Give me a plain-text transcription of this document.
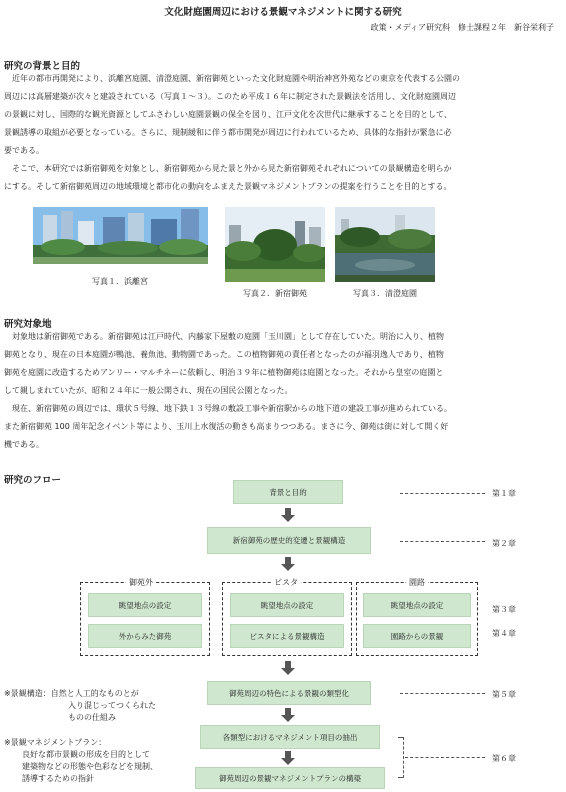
文化財庭園周辺における景観マネジメントに関する研究
政策・メディア研究科　修士課程２年　新谷栄利子
研究の背景と目的
近年の都市再開発により、浜離宮庭園、清澄庭園、新宿御苑といった文化財庭園や明治神宮外苑などの東京を代表する公園の
周辺には高層建築が次々と建設されている（写真１～３）。このため平成１６年に制定された景観法を活用し、文化財庭園周辺
の景観に対し、国際的な観光資源としてふさわしい庭園景観の保全を図り、江戸文化を次世代に継承することを目的として、
景観誘導の取組が必要となっている。さらに、規制緩和に伴う都市開発が周辺に行われているため、具体的な指針が緊急に必
要である。
そこで、本研究では新宿御苑を対象とし、新宿御苑から見た景と外から見た新宿御苑それぞれについての景観構造を明らか
にする。そして新宿御苑周辺の地域環境と都市化の動向をふまえた景観マネジメントプランの提案を行うことを目的とする。
写真１．浜離宮
写真２．新宿御苑	写真３．清澄庭園
研究対象地
対象地は新宿御苑である。新宿御苑は江戸時代、内藤家下屋敷の庭園「玉川園」として存在していた。明治に入り、植物
御苑となり、現在の日本庭園が鴨池、養魚池、動物園であった。この植物御苑の責任者となったのが福羽逸人であり、植物
御苑を庭園に改造するためアンリー・マルチネーに依頼し、明治３９年に植物御苑は庭園となった。それから皇室の庭園と
して親しまれていたが、昭和２４年に一般公開され、現在の国民公園となった。
現在、新宿御苑の周辺では、環状５号線、地下鉄１３号線の敷設工事や新宿駅からの地下道の建設工事が進められている。
また新宿御苑 100 周年記念イベント等により、玉川上水復活の動きも高まりつつある。まさに今、御苑は街に対して開く好
機である。
研究のフロー
背景と目的
新宿御苑の歴史的変遷と景観構造
御苑外
眺望地点の設定
外からみた御苑
ビスタ
眺望地点の設定
ビスタによる景観構造
園路
眺望地点の設定
園路からの景観
御苑周辺の特色による景観の類型化
各類型におけるマネジメント項目の抽出
御苑周辺の景観マネジメントプランの構築
第１章
第２章
第３章
第４章
第５章
第６章
※景観構造：自然と人工的なものとが
入り混じってつくられた
ものの仕組み
※景観マネジメントプラン：
良好な都市景観の形成を目的として
建築物などの形態や色彩などを規制、
誘導するための指針
